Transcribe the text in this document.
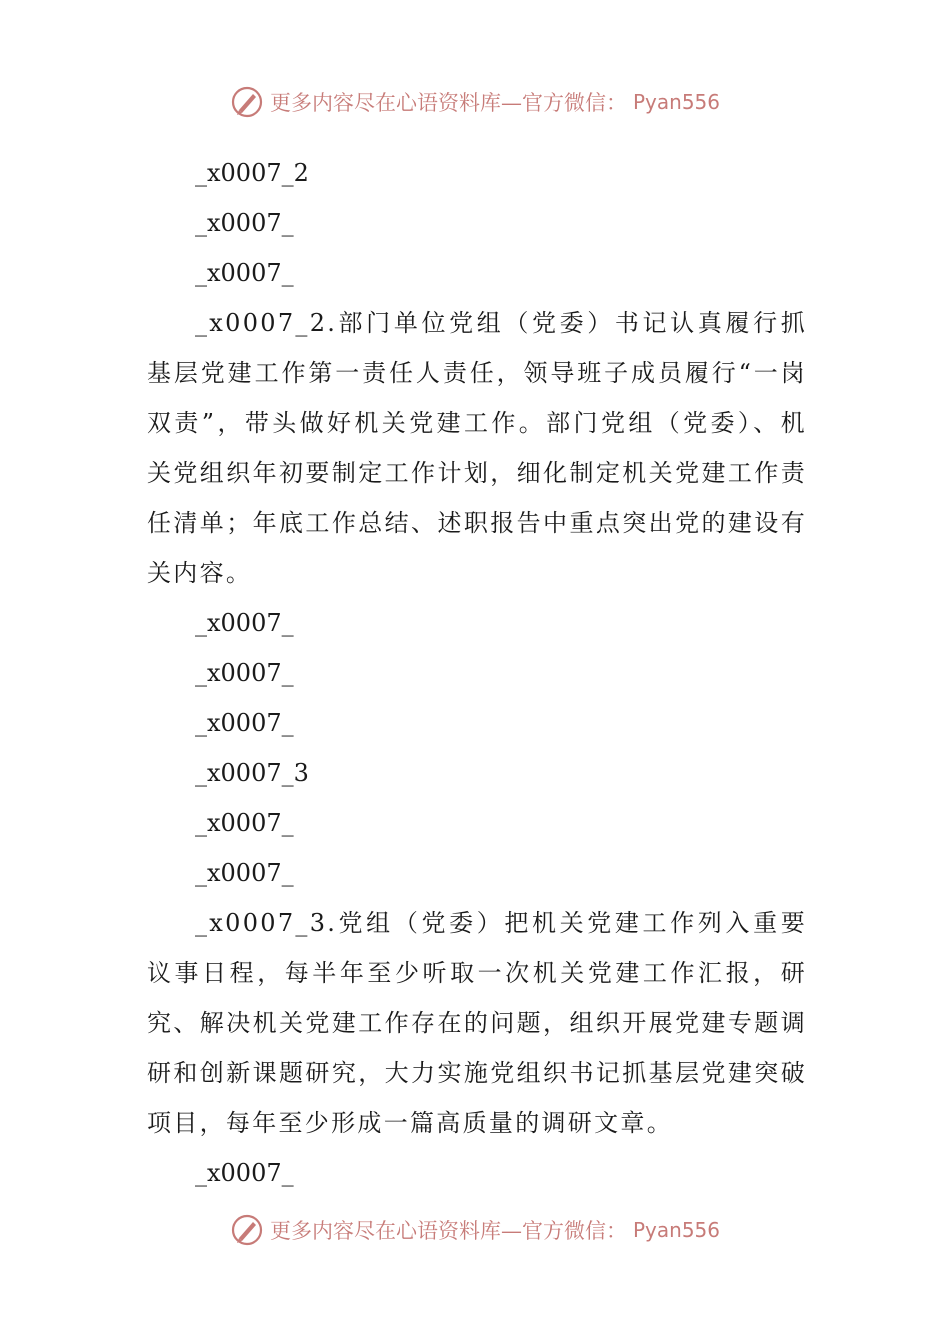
更多内容尽在心语资料库—官方微信： Pyan556
_x0007_2
_x0007_
_x0007_

_x0007_2.部门单位党组（党委）书记认真履行抓基层党建工作第一责任人责任，领导班子成员履行“一岗双责”，带头做好机关党建工作。部门党组（党委）、机关党组织年初要制定工作计划，细化制定机关党建工作责任清单；年底工作总结、述职报告中重点突出党的建设有关内容。

_x0007_
_x0007_
_x0007_
_x0007_3
_x0007_
_x0007_

_x0007_3.党组（党委）把机关党建工作列入重要议事日程，每半年至少听取一次机关党建工作汇报，研究、解决机关党建工作存在的问题，组织开展党建专题调研和创新课题研究，大力实施党组织书记抓基层党建突破项目，每年至少形成一篇高质量的调研文章。

_x0007_
更多内容尽在心语资料库—官方微信： Pyan556
